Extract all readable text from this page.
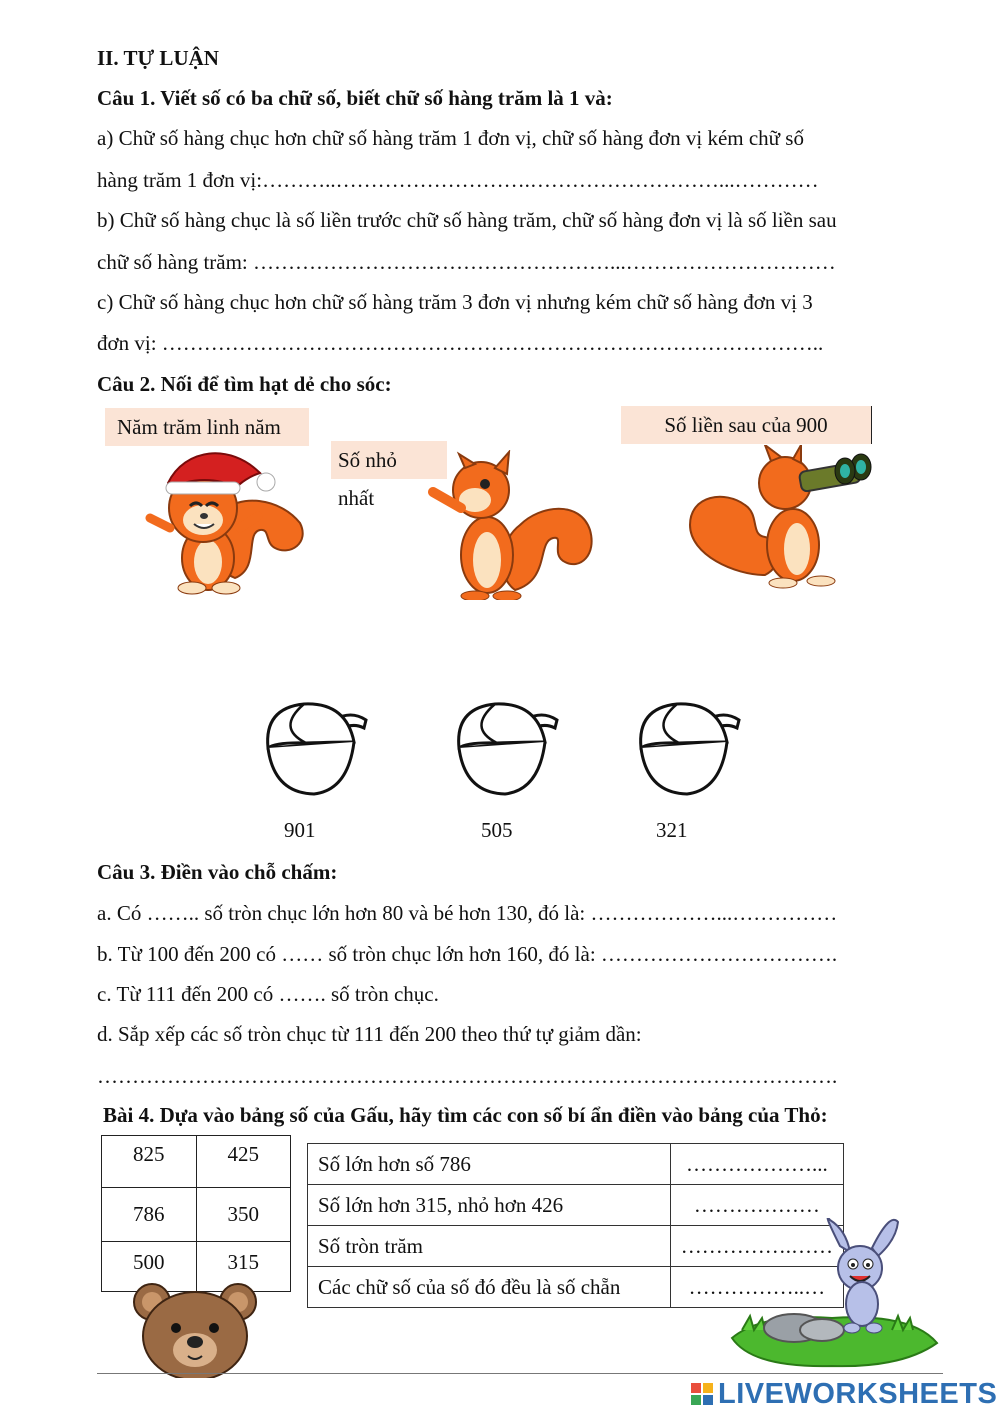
II. TỰ LUẬN
Câu 1. Viết số có ba chữ số, biết chữ số hàng trăm là 1 và:
a) Chữ số hàng chục hơn chữ số hàng trăm 1 đơn vị, chữ số hàng đơn vị kém chữ số
hàng trăm 1 đơn vị:………..……………………….………………………...…………
b) Chữ số hàng chục là số liền trước chữ số hàng trăm, chữ số hàng đơn vị là số liền sau
chữ số hàng trăm: ……………………………………………...…………………………
c) Chữ số hàng chục hơn chữ số hàng trăm 3 đơn vị nhưng kém chữ số hàng đơn vị 3
đơn vị: …………………………………………………………………………………..
Câu 2. Nối để tìm hạt dẻ cho sóc:
Năm trăm linh năm
Số nhỏ nhất
Số liền sau của 900
901	505	321
Câu 3. Điền vào chỗ chấm:
a. Có …….. số tròn chục lớn hơn 80 và bé hơn 130, đó là: ………………...……………
b. Từ 100 đến 200 có …… số tròn chục lớn hơn 160, đó là: …………………………….
c. Từ 111 đến 200 có ……. số tròn chục.
d. Sắp xếp các số tròn chục từ 111 đến 200 theo thứ tự giảm dần:
…………………………………………………………………………………………….
Bài 4. Dựa vào bảng số của Gấu, hãy tìm các con số bí ẩn điền vào bảng của Thỏ:
825	425
786	350
500	315
Số lớn hơn số 786	………………...
Số lớn hơn 315, nhỏ hơn 426	………………
Số tròn trăm	…………….……
Các chữ số của số đó đều là số chẵn	……………..…
LIVEWORKSHEETS
